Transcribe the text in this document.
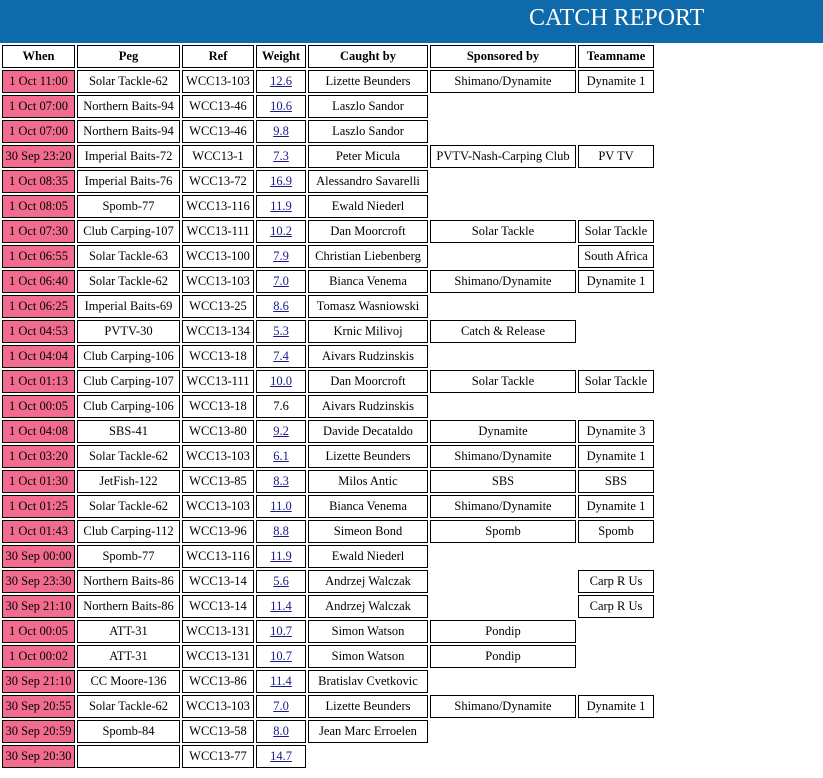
CATCH REPORT
When	Peg	Ref	Weight	Caught by	Sponsored by	Teamname
1 Oct 11:00	Solar Tackle-62	WCC13-103	12.6	Lizette Beunders	Shimano/Dynamite	Dynamite 1
1 Oct 07:00	Northern Baits-94	WCC13-46	10.6	Laszlo Sandor		
1 Oct 07:00	Northern Baits-94	WCC13-46	9.8	Laszlo Sandor		
30 Sep 23:20	Imperial Baits-72	WCC13-1	7.3	Peter Micula	PVTV-Nash-Carping Club	PV TV
1 Oct 08:35	Imperial Baits-76	WCC13-72	16.9	Alessandro Savarelli		
1 Oct 08:05	Spomb-77	WCC13-116	11.9	Ewald Niederl		
1 Oct 07:30	Club Carping-107	WCC13-111	10.2	Dan Moorcroft	Solar Tackle	Solar Tackle
1 Oct 06:55	Solar Tackle-63	WCC13-100	7.9	Christian Liebenberg		South Africa
1 Oct 06:40	Solar Tackle-62	WCC13-103	7.0	Bianca Venema	Shimano/Dynamite	Dynamite 1
1 Oct 06:25	Imperial Baits-69	WCC13-25	8.6	Tomasz Wasniowski		
1 Oct 04:53	PVTV-30	WCC13-134	5.3	Krnic Milivoj	Catch & Release	
1 Oct 04:04	Club Carping-106	WCC13-18	7.4	Aivars Rudzinskis		
1 Oct 01:13	Club Carping-107	WCC13-111	10.0	Dan Moorcroft	Solar Tackle	Solar Tackle
1 Oct 00:05	Club Carping-106	WCC13-18	7.6	Aivars Rudzinskis		
1 Oct 04:08	SBS-41	WCC13-80	9.2	Davide Decataldo	Dynamite	Dynamite 3
1 Oct 03:20	Solar Tackle-62	WCC13-103	6.1	Lizette Beunders	Shimano/Dynamite	Dynamite 1
1 Oct 01:30	JetFish-122	WCC13-85	8.3	Milos Antic	SBS	SBS
1 Oct 01:25	Solar Tackle-62	WCC13-103	11.0	Bianca Venema	Shimano/Dynamite	Dynamite 1
1 Oct 01:43	Club Carping-112	WCC13-96	8.8	Simeon Bond	Spomb	Spomb
30 Sep 00:00	Spomb-77	WCC13-116	11.9	Ewald Niederl		
30 Sep 23:30	Northern Baits-86	WCC13-14	5.6	Andrzej Walczak		Carp R Us
30 Sep 21:10	Northern Baits-86	WCC13-14	11.4	Andrzej Walczak		Carp R Us
1 Oct 00:05	ATT-31	WCC13-131	10.7	Simon Watson	Pondip	
1 Oct 00:02	ATT-31	WCC13-131	10.7	Simon Watson	Pondip	
30 Sep 21:10	CC Moore-136	WCC13-86	11.4	Bratislav Cvetkovic		
30 Sep 20:55	Solar Tackle-62	WCC13-103	7.0	Lizette Beunders	Shimano/Dynamite	Dynamite 1
30 Sep 20:59	Spomb-84	WCC13-58	8.0	Jean Marc Erroelen		
30 Sep 20:30		WCC13-77	14.7			
